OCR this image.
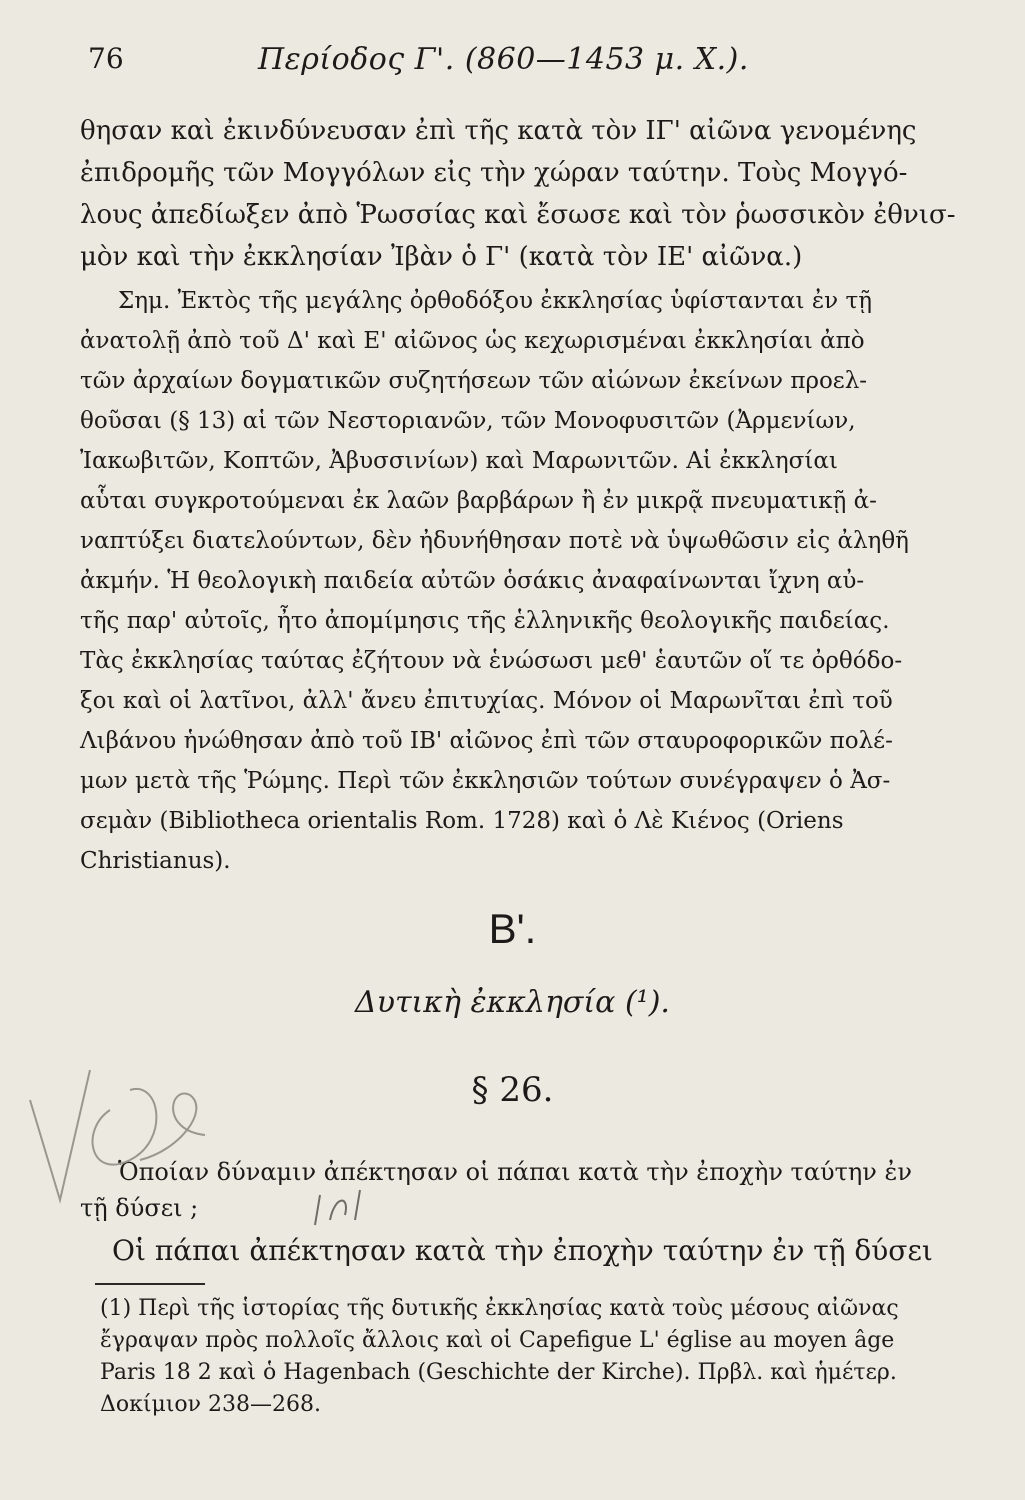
76	Περίοδος Γ'. (860—1453 μ. Χ.).
θησαν καὶ ἐκινδύνευσαν ἐπὶ τῆς κατὰ τὸν ΙΓ' αἰῶνα γενομένης
ἐπιδρομῆς τῶν Μογγόλων εἰς τὴν χώραν ταύτην. Τοὺς Μογγό-
λους ἀπεδίωξεν ἀπὸ Ῥωσσίας καὶ ἔσωσε καὶ τὸν ῥωσσικὸν ἐθνισ-
μὸν καὶ τὴν ἐκκλησίαν Ἰβὰν ὁ Γ' (κατὰ τὸν ΙΕ' αἰῶνα.)
Σημ. Ἐκτὸς τῆς μεγάλης ὀρθοδόξου ἐκκλησίας ὑφίστανται ἐν τῇ
ἀνατολῇ ἀπὸ τοῦ Δ' καὶ Ε' αἰῶνος ὡς κεχωρισμέναι ἐκκλησίαι ἀπὸ
τῶν ἀρχαίων δογματικῶν συζητήσεων τῶν αἰώνων ἐκείνων προελ-
θοῦσαι (§ 13) αἱ τῶν Νεστοριανῶν, τῶν Μονοφυσιτῶν (Ἀρμενίων,
Ἰακωβιτῶν, Κοπτῶν, Ἀβυσσινίων) καὶ Μαρωνιτῶν. Αἱ ἐκκλησίαι
αὗται συγκροτούμεναι ἐκ λαῶν βαρβάρων ἢ ἐν μικρᾷ πνευματικῇ ἀ-
ναπτύξει διατελούντων, δὲν ἠδυνήθησαν ποτὲ νὰ ὑψωθῶσιν εἰς ἀληθῆ
ἀκμήν. Ἡ θεολογικὴ παιδεία αὐτῶν ὁσάκις ἀναφαίνωνται ἴχνη αὐ-
τῆς παρ' αὐτοῖς, ἦτο ἀπομίμησις τῆς ἑλληνικῆς θεολογικῆς παιδείας.
Τὰς ἐκκλησίας ταύτας ἐζήτουν νὰ ἑνώσωσι μεθ' ἑαυτῶν οἵ τε ὀρθόδο-
ξοι καὶ οἱ λατῖνοι, ἀλλ' ἄνευ ἐπιτυχίας. Μόνον οἱ Μαρωνῖται ἐπὶ τοῦ
Λιβάνου ἡνώθησαν ἀπὸ τοῦ ΙΒ' αἰῶνος ἐπὶ τῶν σταυροφορικῶν πολέ-
μων μετὰ τῆς Ῥώμης. Περὶ τῶν ἐκκλησιῶν τούτων συνέγραψεν ὁ Ἀσ-
σεμὰν (Bibliotheca orientalis Rom. 1728) καὶ ὁ Λὲ Κιένος (Oriens
Christianus).
Β'.
Δυτικὴ ἐκκλησία (¹).
§ 26.
Ὁποίαν δύναμιν ἀπέκτησαν οἱ πάπαι κατὰ τὴν ἐποχὴν ταύτην ἐν
τῇ δύσει ;
Οἱ πάπαι ἀπέκτησαν κατὰ τὴν ἐποχὴν ταύτην ἐν τῇ δύσει
(1) Περὶ τῆς ἱστορίας τῆς δυτικῆς ἐκκλησίας κατὰ τοὺς μέσους αἰῶνας
ἔγραψαν πρὸς πολλοῖς ἄλλοις καὶ οἱ Capefigue L' église au moyen âge
Paris 18 2 καὶ ὁ Hagenbach (Geschichte der Kirche). Πρβλ. καὶ ἡμέτερ.
Δοκίμιον 238—268.
